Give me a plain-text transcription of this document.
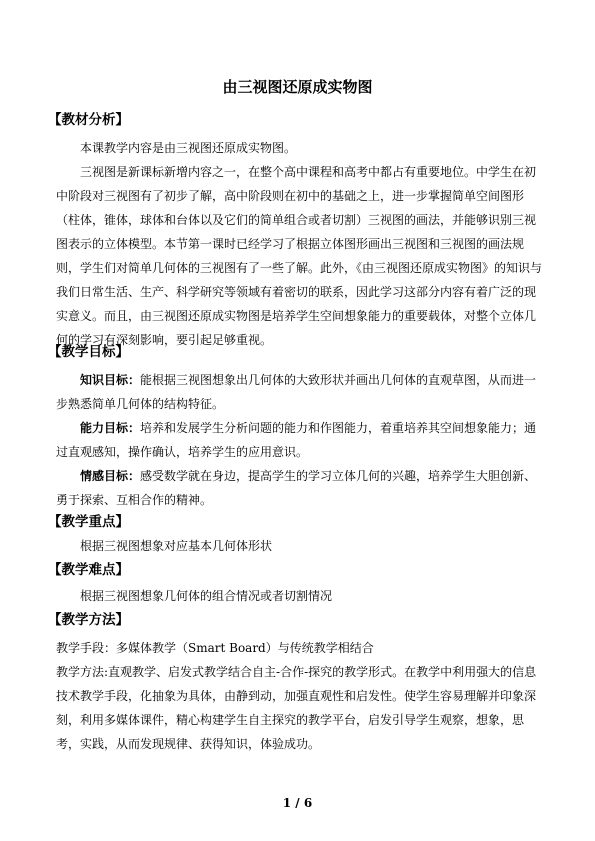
由三视图还原成实物图
【教材分析】

本课教学内容是由三视图还原成实物图。

三视图是新课标新增内容之一，在整个高中课程和高考中都占有重要地位。中学生在初中阶段对三视图有了初步了解，高中阶段则在初中的基础之上，进一步掌握简单空间图形（柱体，锥体，球体和台体以及它们的简单组合或者切割）三视图的画法，并能够识别三视图表示的立体模型。本节第一课时已经学习了根据立体图形画出三视图和三视图的画法规则，学生们对简单几何体的三视图有了一些了解。此外，《由三视图还原成实物图》的知识与我们日常生活、生产、科学研究等领域有着密切的联系，因此学习这部分内容有着广泛的现实意义。而且，由三视图还原成实物图是培养学生空间想象能力的重要载体，对整个立体几何的学习有深刻影响，要引起足够重视。

【教学目标】

知识目标：能根据三视图想象出几何体的大致形状并画出几何体的直观草图，从而进一步熟悉简单几何体的结构特征。

能力目标：培养和发展学生分析问题的能力和作图能力，着重培养其空间想象能力；通过直观感知，操作确认，培养学生的应用意识。

情感目标：感受数学就在身边，提高学生的学习立体几何的兴趣，培养学生大胆创新、勇于探索、互相合作的精神。

【教学重点】

根据三视图想象对应基本几何体形状

【教学难点】

根据三视图想象几何体的组合情况或者切割情况

【教学方法】

教学手段：多媒体教学（Smart Board）与传统教学相结合

教学方法:直观教学、启发式教学结合自主-合作-探究的教学形式。在教学中利用强大的信息技术教学手段，化抽象为具体，由静到动，加强直观性和启发性。使学生容易理解并印象深刻，利用多媒体课件，精心构建学生自主探究的教学平台，启发引导学生观察，想象，思考，实践，从而发现规律、获得知识，体验成功。

1 / 6
